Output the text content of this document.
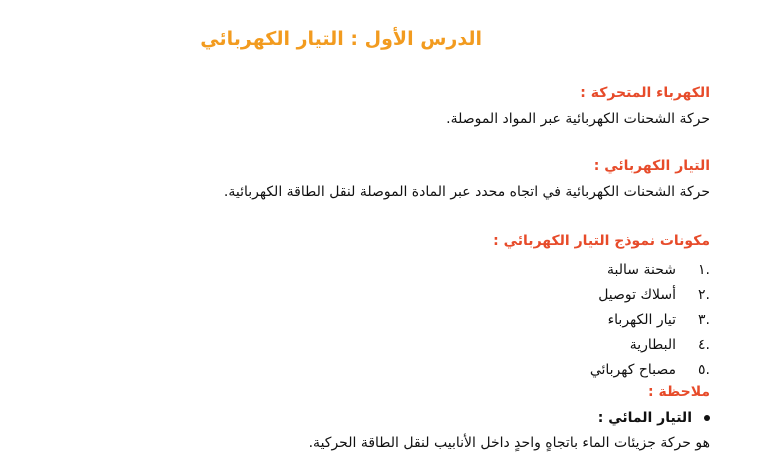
الدرس الأول : التيار الكهربائي
الكهرباء المتحركة :
حركة الشحنات الكهربائية عبر المواد الموصلة.
التيار الكهربائي :
حركة الشحنات الكهربائية في اتجاه محدد عبر المادة الموصلة لنقل الطاقة الكهربائية.
مكونات نموذج التيار الكهربائي :
.١
شحنة سالبة
.٢
أسلاك توصيل
.٣
تيار الكهرباء
.٤
البطارية
.٥
مصباح كهربائي
ملاحظة :
التيار المائي :
هو حركة جزيئات الماء باتجاهٍ واحدٍ داخل الأنابيب لنقل الطاقة الحركية.
